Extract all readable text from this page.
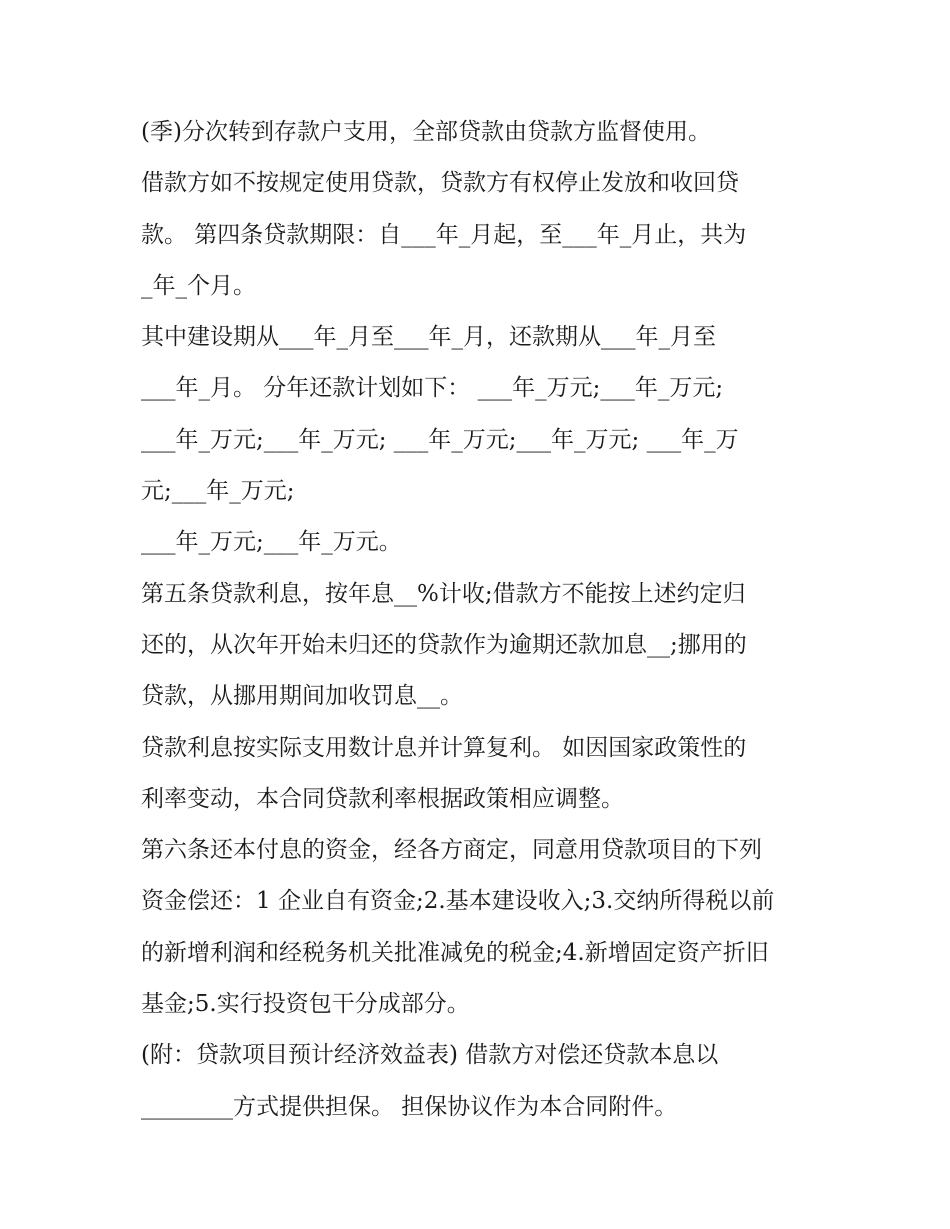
(季)分次转到存款户支用，全部贷款由贷款方监督使用。
借款方如不按规定使用贷款，贷款方有权停止发放和收回贷
款。 第四条贷款期限：自___年_月起，至___年_月止，共为
_年_个月。
其中建设期从___年_月至___年_月，还款期从___年_月至
___年_月。 分年还款计划如下： ___年_万元;___年_万元;
___年_万元;___年_万元; ___年_万元;___年_万元; ___年_万
元;___年_万元;
___年_万元;___年_万元。
第五条贷款利息，按年息__%计收;借款方不能按上述约定归
还的，从次年开始未归还的贷款作为逾期还款加息__;挪用的
贷款，从挪用期间加收罚息__。
贷款利息按实际支用数计息并计算复利。 如因国家政策性的
利率变动，本合同贷款利率根据政策相应调整。
第六条还本付息的资金，经各方商定，同意用贷款项目的下列
资金偿还：1 企业自有资金;2.基本建设收入;3.交纳所得税以前
的新增利润和经税务机关批准减免的税金;4.新增固定资产折旧
基金;5.实行投资包干分成部分。
(附：贷款项目预计经济效益表) 借款方对偿还贷款本息以
________方式提供担保。 担保协议作为本合同附件。
